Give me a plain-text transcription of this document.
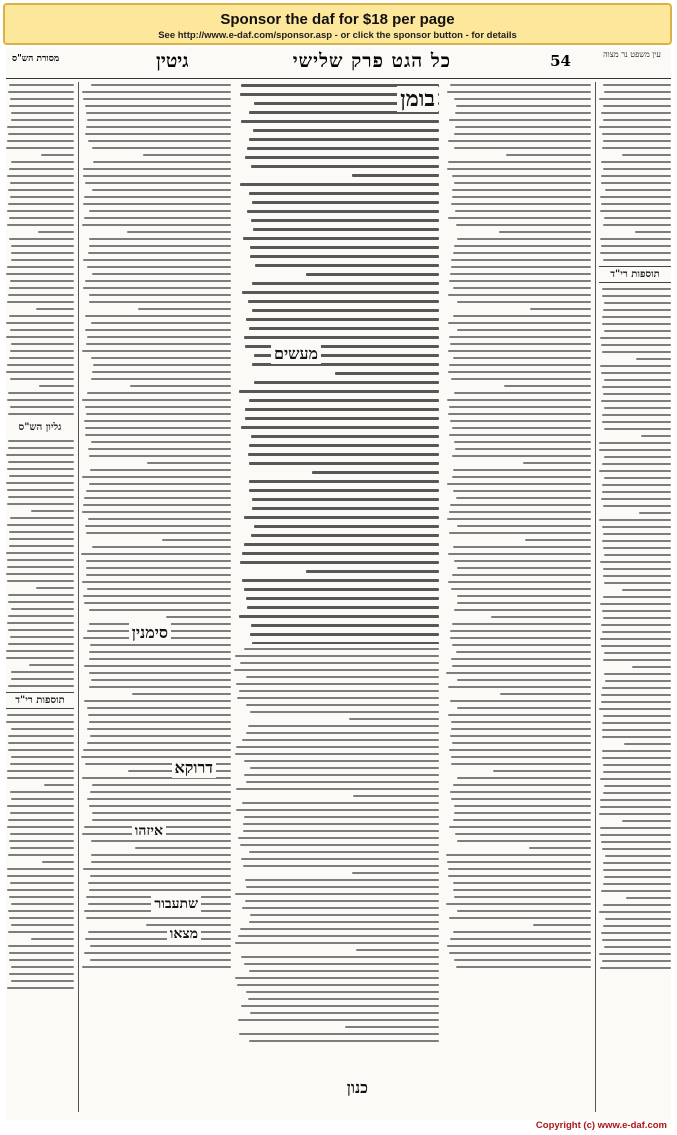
Sponsor the daf for $18 per page
See http://www.e-daf.com/sponsor.asp - or click the sponsor button - for details
עין משפט נר מצוה
54
כל הגט פרק שלישי
גיטין
מסורת הש"ס
תוספות רי"ד
בומן
מעשים
כנון
סימנין
דרוקא
איזהו
שתעבור
מצאו
גליון הש"ס
תוספות רי"ד
Copyright (c) www.e-daf.com
